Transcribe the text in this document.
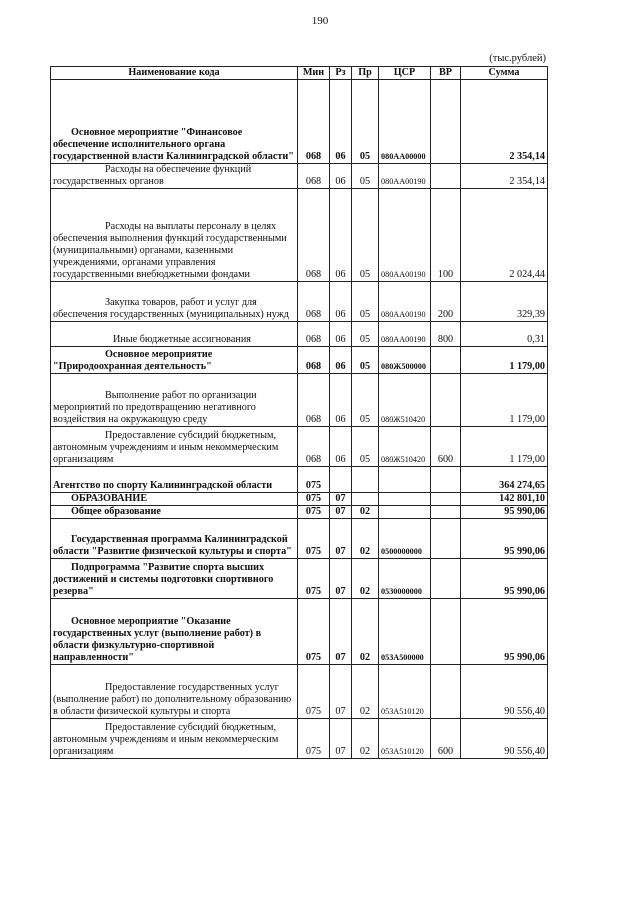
190
(тыс.рублей)
Наименование кода	Мин	Рз	Пр	ЦСР	ВР	Сумма
Основное мероприятие "Финансовое обеспечение исполнительного органа государственной власти Калининградской области"	068	06	05	080АА00000		2 354,14
Расходы на обеспечение функций государственных органов	068	06	05	080АА00190		2 354,14
Расходы на выплаты персоналу в целях обеспечения выполнения функций государственными (муниципальными) органами, казенными учреждениями, органами управления государственными внебюджетными фондами	068	06	05	080АА00190	100	2 024,44
Закупка товаров, работ и услуг для обеспечения государственных (муниципальных) нужд	068	06	05	080АА00190	200	329,39
Иные бюджетные ассигнования	068	06	05	080АА00190	800	0,31
Основное мероприятие "Природоохранная деятельность"	068	06	05	080Ж500000		1 179,00
Выполнение работ по организации мероприятий по предотвращению негативного воздействия на окружающую среду	068	06	05	080Ж510420		1 179,00
Предоставление субсидий бюджетным, автономным учреждениям и иным некоммерческим организациям	068	06	05	080Ж510420	600	1 179,00
Агентство по спорту Калининградской области	075					364 274,65
ОБРАЗОВАНИЕ	075	07				142 801,10
Общее образование	075	07	02			95 990,06
Государственная программа Калининградской области "Развитие физической культуры и спорта"	075	07	02	0500000000		95 990,06
Подпрограмма "Развитие спорта высших достижений и системы подготовки спортивного резерва"	075	07	02	0530000000		95 990,06
Основное мероприятие "Оказание государственных услуг (выполнение работ) в области физкультурно-спортивной направленности"	075	07	02	053А500000		95 990,06
Предоставление государственных услуг (выполнение работ) по дополнительному образованию в области физической культуры и спорта	075	07	02	053А510120		90 556,40
Предоставление субсидий бюджетным, автономным учреждениям и иным некоммерческим организациям	075	07	02	053А510120	600	90 556,40
